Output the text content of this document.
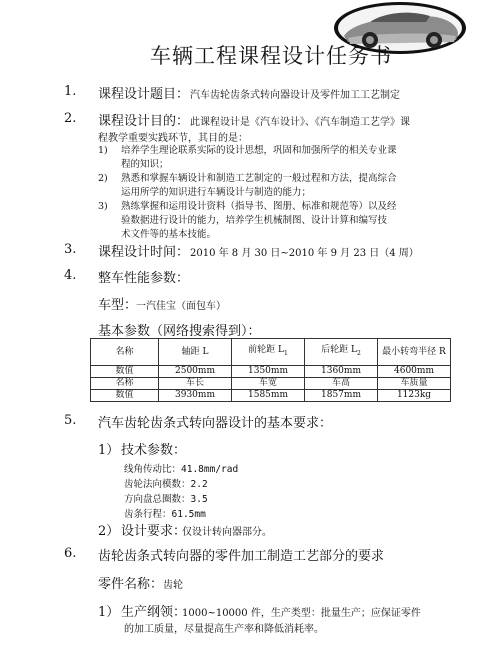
车辆工程课程设计任务书
1. 课程设计题目： 汽车齿轮齿条式转向器设计及零件加工工艺制定
2. 课程设计目的： 此课程设计是《汽车设计》、《汽车制造工艺学》课
程教学重要实践环节，其目的是：
1) 培养学生理论联系实际的设计思想，巩固和加强所学的相关专业课
程的知识；
2) 熟悉和掌握车辆设计和制造工艺制定的一般过程和方法，提高综合
运用所学的知识进行车辆设计与制造的能力；
3) 熟练掌握和运用设计资料（指导书、图册、标准和规范等）以及经
验数据进行设计的能力，培养学生机械制图、设计计算和编写技
术文件等的基本技能。
3. 课程设计时间： 2010 年 8 月 30 日~2010 年 9 月 23 日（4 周）
4. 整车性能参数：
车型：
一汽佳宝（面包车）
基本参数（网络搜索得到）：
名称	轴距 L	前轮距 $L_1$	后轮距 $L_2$	最小转弯半径 R
数值	2500mm	1350mm	1360mm	4600mm
名称	车长	车宽	车高	车质量
数值	3930mm	1585mm	1857mm	1123kg
5. 汽车齿轮齿条式转向器设计的基本要求：
1） 技术参数：
线角传动比：41.8mm/rad
齿轮法向模数：2.2
方向盘总圈数：3.5
齿条行程：61.5mm
2） 设计要求：
仅设计转向器部分。
6. 齿轮齿条式转向器的零件加工制造工艺部分的要求
零件名称： 齿轮
1） 生产纲领：
1000~10000 件，生产类型：批量生产；应保证零件
的加工质量，尽量提高生产率和降低消耗率。
